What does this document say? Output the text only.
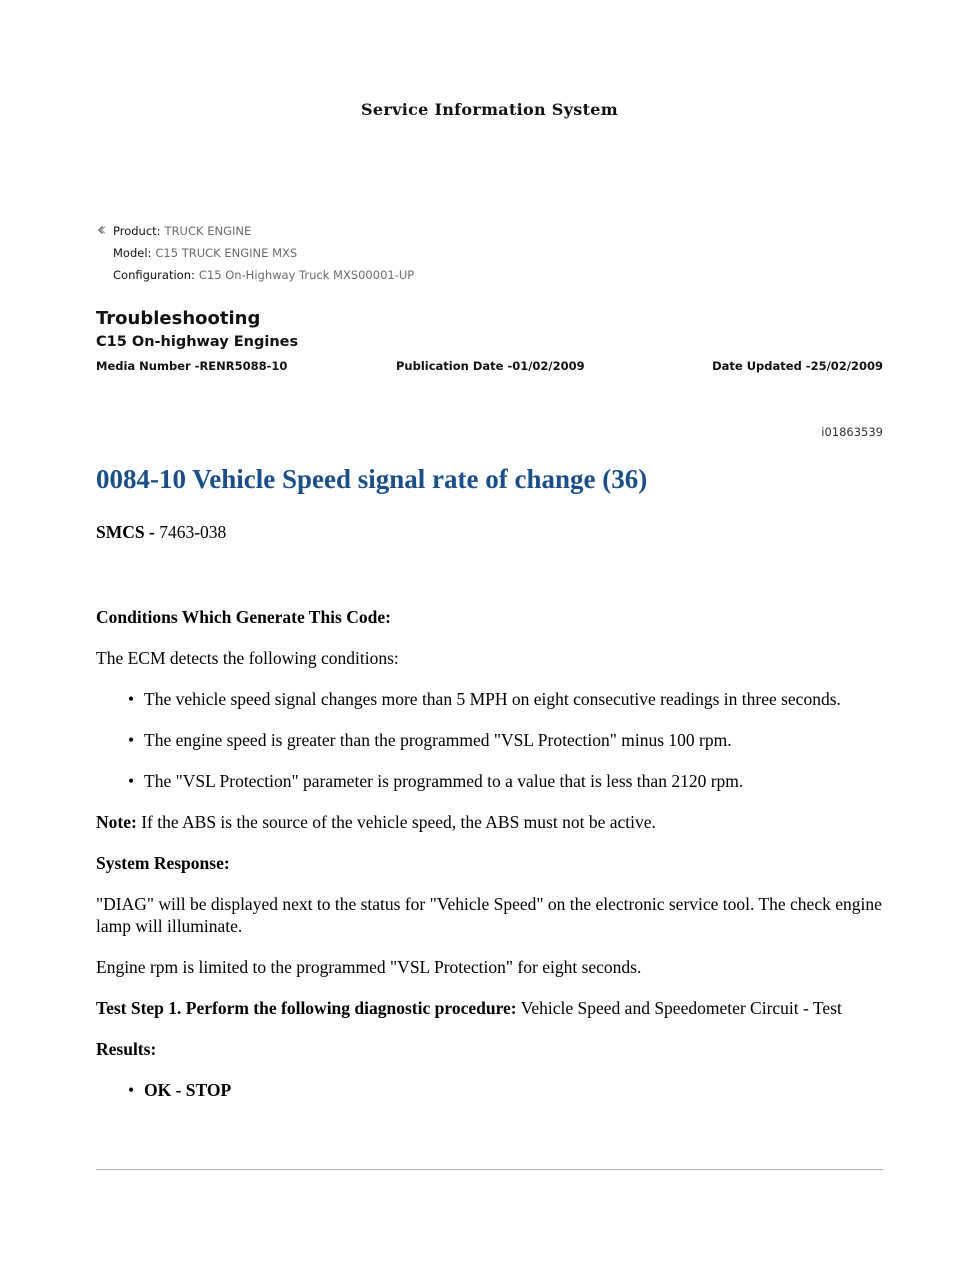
Service Information System
Product: TRUCK ENGINE
Model: C15 TRUCK ENGINE MXS
Configuration: C15 On-Highway Truck MXS00001-UP
Troubleshooting
C15 On-highway Engines
Media Number -RENR5088-10	Publication Date -01/02/2009	Date Updated -25/02/2009
i01863539
0084-10 Vehicle Speed signal rate of change (36)

SMCS - 7463-038

Conditions Which Generate This Code:

The ECM detects the following conditions:

• The vehicle speed signal changes more than 5 MPH on eight consecutive readings in three seconds.
• The engine speed is greater than the programmed "VSL Protection" minus 100 rpm.
• The "VSL Protection" parameter is programmed to a value that is less than 2120 rpm.

Note: If the ABS is the source of the vehicle speed, the ABS must not be active.

System Response:

"DIAG" will be displayed next to the status for "Vehicle Speed" on the electronic service tool. The check engine lamp will illuminate.

Engine rpm is limited to the programmed "VSL Protection" for eight seconds.

Test Step 1. Perform the following diagnostic procedure: Vehicle Speed and Speedometer Circuit - Test

Results:

• OK - STOP
